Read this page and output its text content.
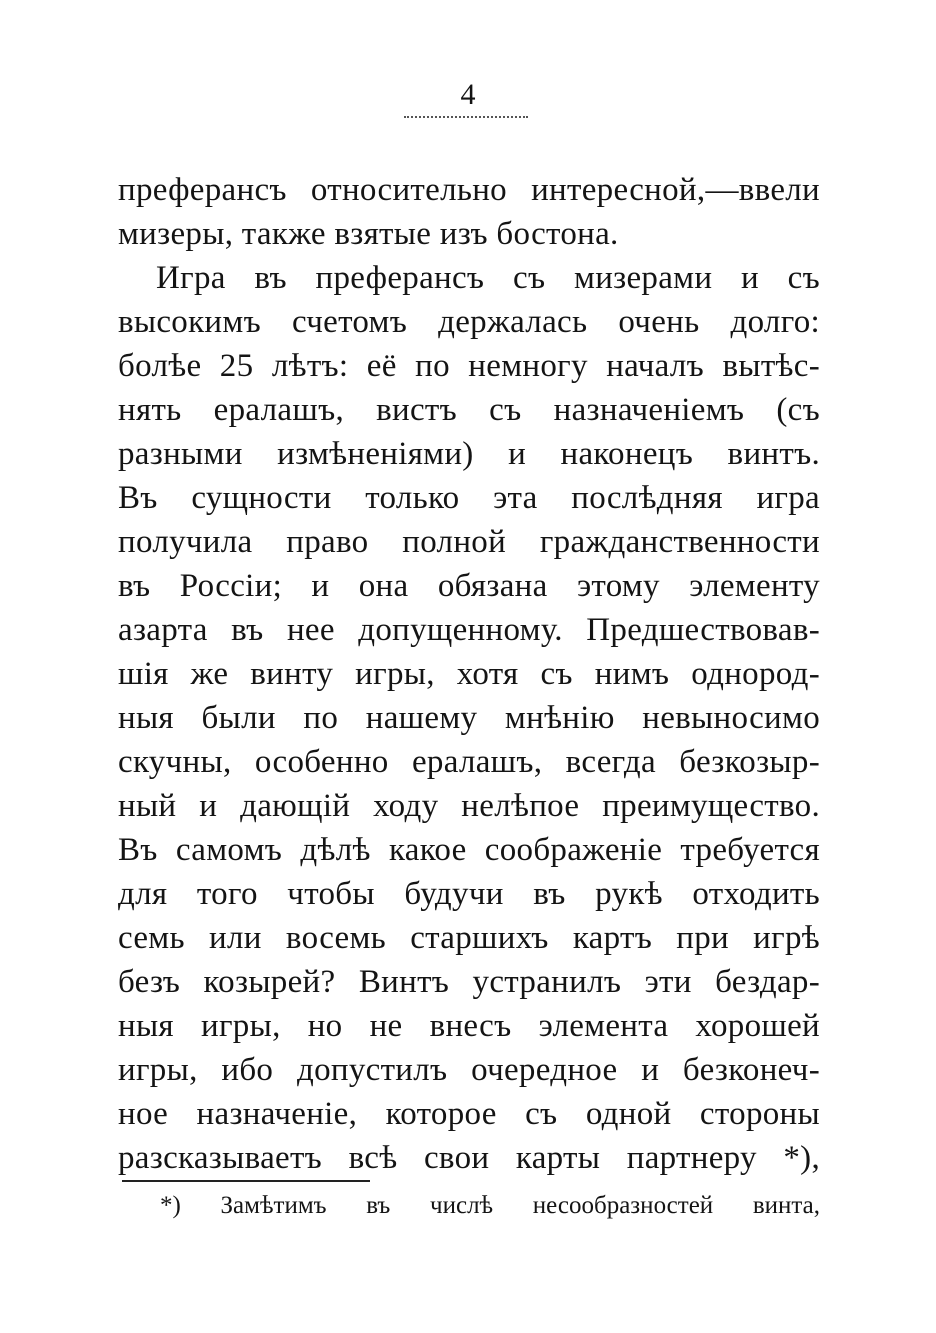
4
преферансъ относительно интересной,—ввели
мизеры, также взятые изъ бостона.
Игра въ преферансъ съ мизерами и съ
высокимъ счетомъ держалась очень долго:
болѣе 25 лѣтъ: её по немногу началъ вытѣс-
нять ералашъ, вистъ съ назначеніемъ (съ
разными измѣненіями) и наконецъ винтъ.
Въ сущности только эта послѣдняя игра
получила право полной гражданственности
въ Россіи; и она обязана этому элементу
азарта въ нее допущенному. Предшествовав-
шія же винту игры, хотя съ нимъ однород-
ныя были по нашему мнѣнію невыносимо
скучны, особенно ералашъ, всегда безкозыр-
ный и дающій ходу нелѣпое преимущество.
Въ самомъ дѣлѣ какое соображеніе требуется
для того чтобы будучи въ рукѣ отходить
семь или восемь старшихъ картъ при игрѣ
безъ козырей? Винтъ устранилъ эти бездар-
ныя игры, но не внесъ элемента хорошей
игры, ибо допустилъ очередное и безконеч-
ное назначеніе, которое съ одной стороны
разсказываетъ всѣ свои карты партнеру *),
*) Замѣтимъ въ числѣ несообразностей винта,
